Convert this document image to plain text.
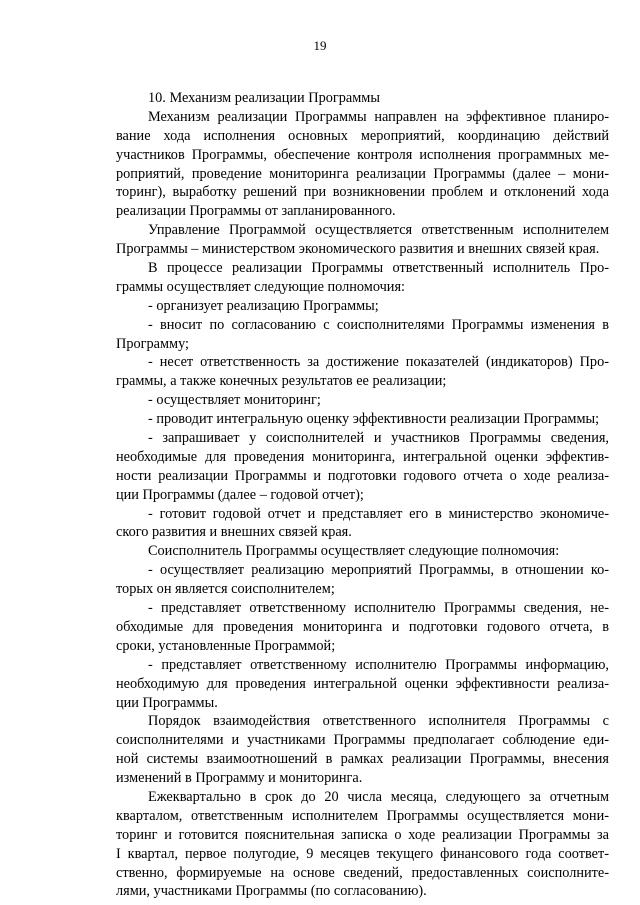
19
10. Механизм реализации Программы
Механизм реализации Программы направлен на эффективное планиро-
вание хода исполнения основных мероприятий, координацию действий
участников Программы, обеспечение контроля исполнения программных ме-
роприятий, проведение мониторинга реализации Программы (далее – мони-
торинг), выработку решений при возникновении проблем и отклонений хода
реализации Программы от запланированного.
Управление Программой осуществляется ответственным исполнителем
Программы – министерством экономического развития и внешних связей края.
В процессе реализации Программы ответственный исполнитель Про-
граммы осуществляет следующие полномочия:
- организует реализацию Программы;
- вносит по согласованию с соисполнителями Программы изменения в
Программу;
- несет ответственность за достижение показателей (индикаторов) Про-
граммы, а также конечных результатов ее реализации;
- осуществляет мониторинг;
- проводит интегральную оценку эффективности реализации Программы;
- запрашивает у соисполнителей и участников Программы сведения,
необходимые для проведения мониторинга, интегральной оценки эффектив-
ности реализации Программы и подготовки годового отчета о ходе реализа-
ции Программы (далее – годовой отчет);
- готовит годовой отчет и представляет его в министерство экономиче-
ского развития и внешних связей края.
Соисполнитель Программы осуществляет следующие полномочия:
- осуществляет реализацию мероприятий Программы, в отношении ко-
торых он является соисполнителем;
- представляет ответственному исполнителю Программы сведения, не-
обходимые для проведения мониторинга и подготовки годового отчета, в
сроки, установленные Программой;
- представляет ответственному исполнителю Программы информацию,
необходимую для проведения интегральной оценки эффективности реализа-
ции Программы.
Порядок взаимодействия ответственного исполнителя Программы с
соисполнителями и участниками Программы предполагает соблюдение еди-
ной системы взаимоотношений в рамках реализации Программы, внесения
изменений в Программу и мониторинга.
Ежеквартально в срок до 20 числа месяца, следующего за отчетным
кварталом, ответственным исполнителем Программы осуществляется мони-
торинг и готовится пояснительная записка о ходе реализации Программы за
I квартал, первое полугодие, 9 месяцев текущего финансового года соответ-
ственно, формируемые на основе сведений, предоставленных соисполните-
лями, участниками Программы (по согласованию).
